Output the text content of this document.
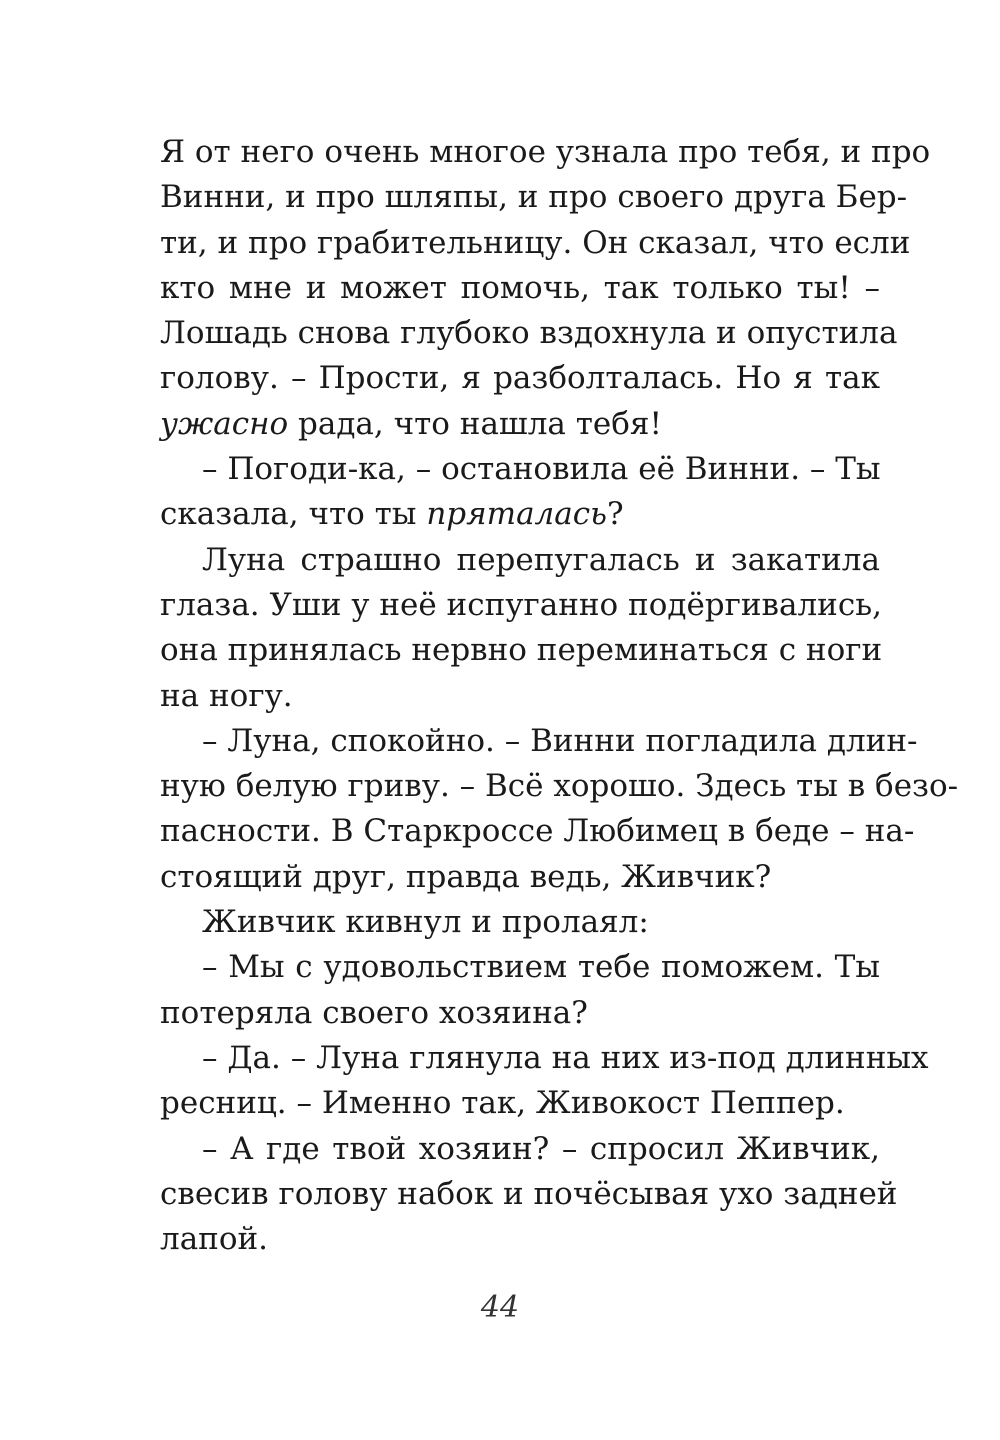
Я от него очень многое узнала про тебя, и про
Винни, и про шляпы, и про своего друга Бер-
ти, и про грабительницу. Он сказал, что если
кто мне и может помочь, так только ты! –
Лошадь снова глубоко вздохнула и опустила
голову. – Прости, я разболталась. Но я так
ужасно рада, что нашла тебя!

– Погоди-ка, – остановила её Винни. – Ты
сказала, что ты пряталась?

Луна страшно перепугалась и закатила
глаза. Уши у неё испуганно подёргивались,
она принялась нервно переминаться с ноги
на ногу.

– Луна, спокойно. – Винни погладила длин-
ную белую гриву. – Всё хорошо. Здесь ты в безо-
пасности. В Старкроссе Любимец в беде – на-
стоящий друг, правда ведь, Живчик?

Живчик кивнул и пролаял:

– Мы с удовольствием тебе поможем. Ты
потеряла своего хозяина?

– Да. – Луна глянула на них из-под длинных
ресниц. – Именно так, Живокост Пеппер.

– А где твой хозяин? – спросил Живчик,
свесив голову набок и почёсывая ухо задней
лапой.

44
